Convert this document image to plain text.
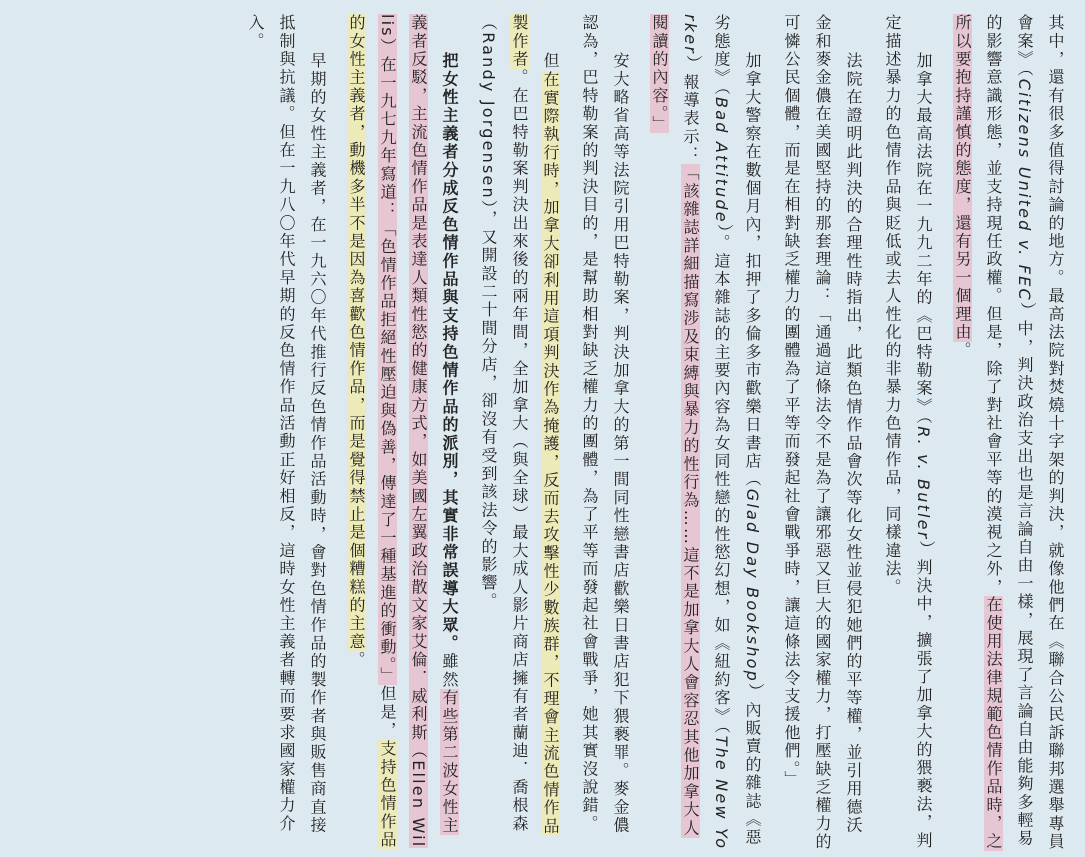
其中，還有很多值得討論的地方。最高法院對焚燒十字架的判決，就像他們在《聯合公民訴聯邦選舉專員會案》（Citizens United v. FEC）中，判決政治支出也是言論自由一樣，展現了言論自由能夠多輕易的影響意識形態，並支持現任政權。但是，除了對社會平等的漠視之外，在使用法律規範色情作品時，之所以要抱持謹慎的態度，還有另一個理由。

加拿大最高法院在一九九二年的《巴特勒案》（R. v. Butler）判決中，擴張了加拿大的猥褻法，判定描述暴力的色情作品與貶低或去人性化的非暴力色情作品，同樣違法。

法院在證明此判決的合理性時指出，此類色情作品會次等化女性並侵犯她們的平等權，並引用德沃金和麥金儂在美國堅持的那套理論：「通過這條法令不是為了讓邪惡又巨大的國家權力，打壓缺乏權力的可憐公民個體，而是在相對缺乏權力的團體為了平等而發起社會戰爭時，讓這條法令支援他們。」

加拿大警察在數個月內，扣押了多倫多市歡樂日書店（Glad Day Bookshop）內販賣的雜誌《惡劣態度》（Bad Attitude）。這本雜誌的主要內容為女同性戀的性慾幻想，如《紐約客》（The New Yorker）報導表示：「該雜誌詳細描寫涉及束縛與暴力的性行為……這不是加拿大人會容忍其他加拿大人閱讀的內容。」

安大略省高等法院引用巴特勒案，判決加拿大的第一間同性戀書店歡樂日書店犯下猥褻罪。麥金儂認為，巴特勒案的判決目的，是幫助相對缺乏權力的團體，為了平等而發起社會戰爭，她其實沒說錯。

但在實際執行時，加拿大卻利用這項判決作為掩護，反而去攻擊性少數族群，不理會主流色情作品製作者。在巴特勒案判決出來後的兩年間，全加拿大（與全球）最大成人影片商店擁有者蘭迪．喬根森（Randy Jorgensen），又開設二十間分店，卻沒有受到該法令的影響。

把女性主義者分成反色情作品與支持色情作品的派別，其實非常誤導大眾。雖然有些第二波女性主義者反駁，主流色情作品是表達人類性慾的健康方式，如美國左翼政治散文家艾倫．威利斯（Ellen Willis）在一九七九年寫道：「色情作品拒絕性壓迫與偽善，傳達了一種基進的衝動。」但是，支持色情作品的女性主義者，動機多半不是因為喜歡色情作品，而是覺得禁止是個糟糕的主意。

早期的女性主義者，在一九六〇年代推行反色情作品活動時，會對色情作品的製作者與販售商直接抵制與抗議。但在一九八〇年代早期的反色情作品活動正好相反，這時女性主義者轉而要求國家權力介入。
